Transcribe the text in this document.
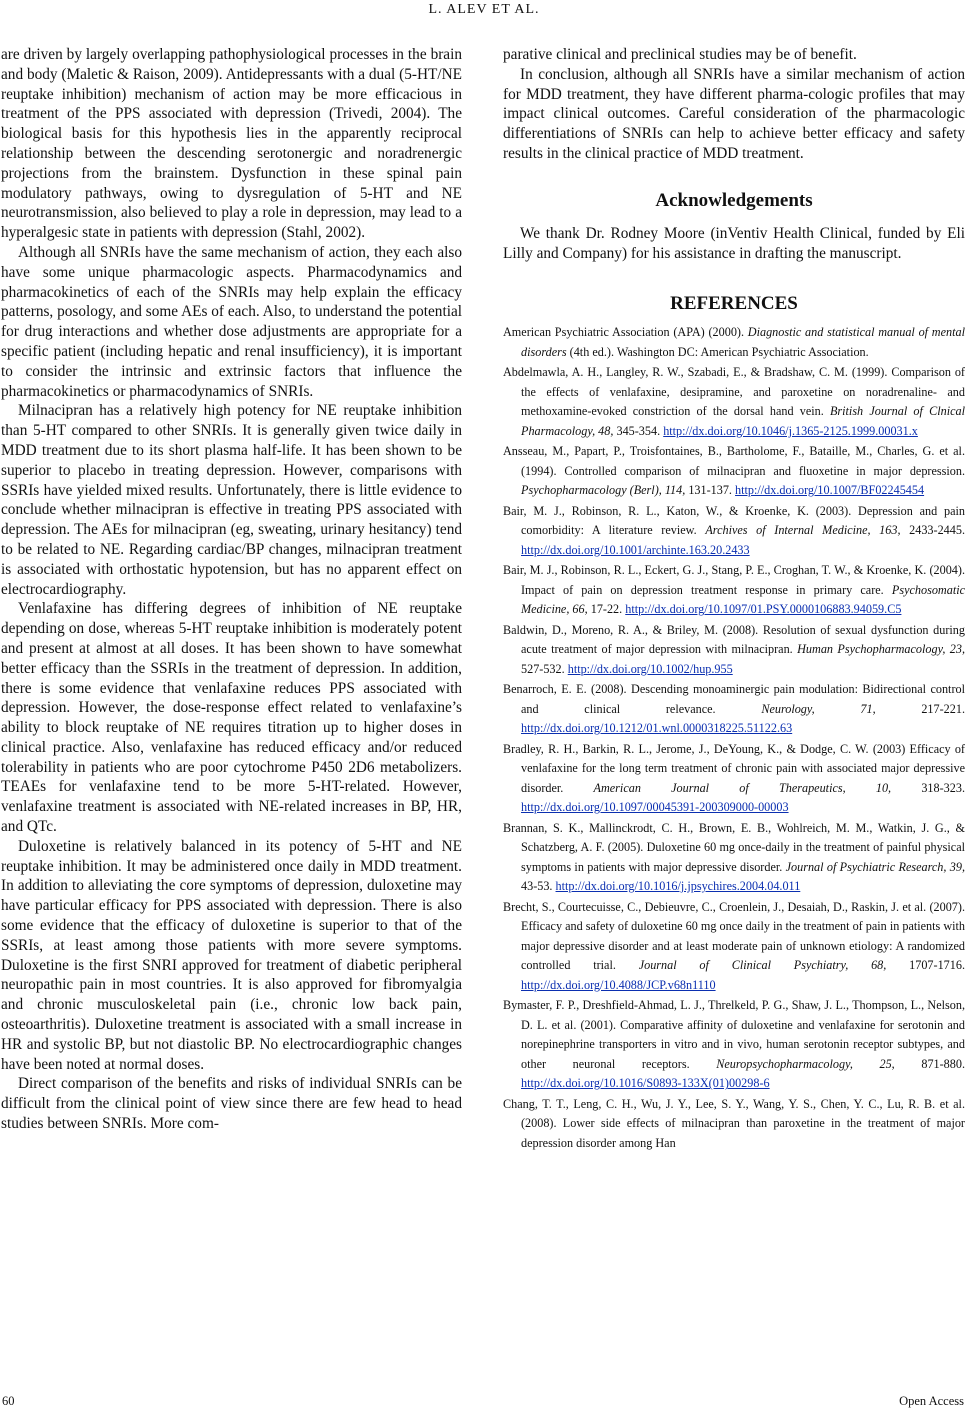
L. ALEV ET AL.

are driven by largely overlapping pathophysiological processes in the brain and body (Maletic & Raison, 2009). Antidepressants with a dual (5-HT/NE reuptake inhibition) mechanism of action may be more efficacious in treatment of the PPS associated with depression (Trivedi, 2004). The biological basis for this hypothesis lies in the apparently reciprocal relationship between the descending serotonergic and noradrenergic projections from the brainstem. Dysfunction in these spinal pain modulatory pathways, owing to dysregulation of 5-HT and NE neurotransmission, also believed to play a role in depression, may lead to a hyperalgesic state in patients with depression (Stahl, 2002).

Although all SNRIs have the same mechanism of action, they each also have some unique pharmacologic aspects. Pharmacodynamics and pharmacokinetics of each of the SNRIs may help explain the efficacy patterns, posology, and some AEs of each. Also, to understand the potential for drug interactions and whether dose adjustments are appropriate for a specific patient (including hepatic and renal insufficiency), it is important to consider the intrinsic and extrinsic factors that influence the pharmacokinetics or pharmacodynamics of SNRIs.

Milnacipran has a relatively high potency for NE reuptake inhibition than 5-HT compared to other SNRIs. It is generally given twice daily in MDD treatment due to its short plasma half-life. It has been shown to be superior to placebo in treating depression. However, comparisons with SSRIs have yielded mixed results. Unfortunately, there is little evidence to conclude whether milnacipran is effective in treating PPS associated with depression. The AEs for milnacipran (eg, sweating, urinary hesitancy) tend to be related to NE. Regarding cardiac/BP changes, milnacipran treatment is associated with orthostatic hypotension, but has no apparent effect on electrocardiography.

Venlafaxine has differing degrees of inhibition of NE reuptake depending on dose, whereas 5-HT reuptake inhibition is moderately potent and present at almost at all doses. It has been shown to have somewhat better efficacy than the SSRIs in the treatment of depression. In addition, there is some evidence that venlafaxine reduces PPS associated with depression. However, the dose-response effect related to venlafaxine’s ability to block reuptake of NE requires titration up to higher doses in clinical practice. Also, venlafaxine has reduced efficacy and/or reduced tolerability in patients who are poor cytochrome P450 2D6 metabolizers. TEAEs for venlafaxine tend to be more 5-HT-related. However, venlafaxine treatment is associated with NE-related increases in BP, HR, and QTc.

Duloxetine is relatively balanced in its potency of 5-HT and NE reuptake inhibition. It may be administered once daily in MDD treatment. In addition to alleviating the core symptoms of depression, duloxetine may have particular efficacy for PPS associated with depression. There is also some evidence that the efficacy of duloxetine is superior to that of the SSRIs, at least among those patients with more severe symptoms. Duloxetine is the first SNRI approved for treatment of diabetic peripheral neuropathic pain in most countries. It is also approved for fibromyalgia and chronic musculoskeletal pain (i.e., chronic low back pain, osteoarthritis). Duloxetine treatment is associated with a small increase in HR and systolic BP, but not diastolic BP. No electrocardiographic changes have been noted at normal doses.

Direct comparison of the benefits and risks of individual SNRIs can be difficult from the clinical point of view since there are few head to head studies between SNRIs. More com-

parative clinical and preclinical studies may be of benefit.

In conclusion, although all SNRIs have a similar mechanism of action for MDD treatment, they have different pharma-cologic profiles that may impact clinical outcomes. Careful consideration of the pharmacologic differentiations of SNRIs can help to achieve better efficacy and safety results in the clinical practice of MDD treatment.

Acknowledgements

We thank Dr. Rodney Moore (inVentiv Health Clinical, funded by Eli Lilly and Company) for his assistance in drafting the manuscript.

REFERENCES
American Psychiatric Association (APA) (2000). Diagnostic and statistical manual of mental disorders (4th ed.). Washington DC: American Psychiatric Association.
Abdelmawla, A. H., Langley, R. W., Szabadi, E., & Bradshaw, C. M. (1999). Comparison of the effects of venlafaxine, desipramine, and paroxetine on noradrenaline- and methoxamine-evoked constriction of the dorsal hand vein. British Journal of Clnical Pharmacology, 48, 345-354. http://dx.doi.org/10.1046/j.1365-2125.1999.00031.x
Ansseau, M., Papart, P., Troisfontaines, B., Bartholome, F., Bataille, M., Charles, G. et al. (1994). Controlled comparison of milnacipran and fluoxetine in major depression. Psychopharmacology (Berl), 114, 131-137. http://dx.doi.org/10.1007/BF02245454
Bair, M. J., Robinson, R. L., Katon, W., & Kroenke, K. (2003). Depression and pain comorbidity: A literature review. Archives of Internal Medicine, 163, 2433-2445. http://dx.doi.org/10.1001/archinte.163.20.2433
Bair, M. J., Robinson, R. L., Eckert, G. J., Stang, P. E., Croghan, T. W., & Kroenke, K. (2004). Impact of pain on depression treatment response in primary care. Psychosomatic Medicine, 66, 17-22. http://dx.doi.org/10.1097/01.PSY.0000106883.94059.C5
Baldwin, D., Moreno, R. A., & Briley, M. (2008). Resolution of sexual dysfunction during acute treatment of major depression with milnacipran. Human Psychopharmacology, 23, 527-532. http://dx.doi.org/10.1002/hup.955
Benarroch, E. E. (2008). Descending monoaminergic pain modulation: Bidirectional control and clinical relevance. Neurology, 71, 217-221. http://dx.doi.org/10.1212/01.wnl.0000318225.51122.63
Bradley, R. H., Barkin, R. L., Jerome, J., DeYoung, K., & Dodge, C. W. (2003) Efficacy of venlafaxine for the long term treatment of chronic pain with associated major depressive disorder. American Journal of Therapeutics, 10, 318-323. http://dx.doi.org/10.1097/00045391-200309000-00003
Brannan, S. K., Mallinckrodt, C. H., Brown, E. B., Wohlreich, M. M., Watkin, J. G., & Schatzberg, A. F. (2005). Duloxetine 60 mg once-daily in the treatment of painful physical symptoms in patients with major depressive disorder. Journal of Psychiatric Research, 39, 43-53. http://dx.doi.org/10.1016/j.jpsychires.2004.04.011
Brecht, S., Courtecuisse, C., Debieuvre, C., Croenlein, J., Desaiah, D., Raskin, J. et al. (2007). Efficacy and safety of duloxetine 60 mg once daily in the treatment of pain in patients with major depressive disorder and at least moderate pain of unknown etiology: A randomized controlled trial. Journal of Clinical Psychiatry, 68, 1707-1716. http://dx.doi.org/10.4088/JCP.v68n1110
Bymaster, F. P., Dreshfield-Ahmad, L. J., Threlkeld, P. G., Shaw, J. L., Thompson, L., Nelson, D. L. et al. (2001). Comparative affinity of duloxetine and venlafaxine for serotonin and norepinephrine transporters in vitro and in vivo, human serotonin receptor subtypes, and other neuronal receptors. Neuropsychopharmacology, 25, 871-880. http://dx.doi.org/10.1016/S0893-133X(01)00298-6
Chang, T. T., Leng, C. H., Wu, J. Y., Lee, S. Y., Wang, Y. S., Chen, Y. C., Lu, R. B. et al. (2008). Lower side effects of milnacipran than paroxetine in the treatment of major depression disorder among Han
60	Open Access
